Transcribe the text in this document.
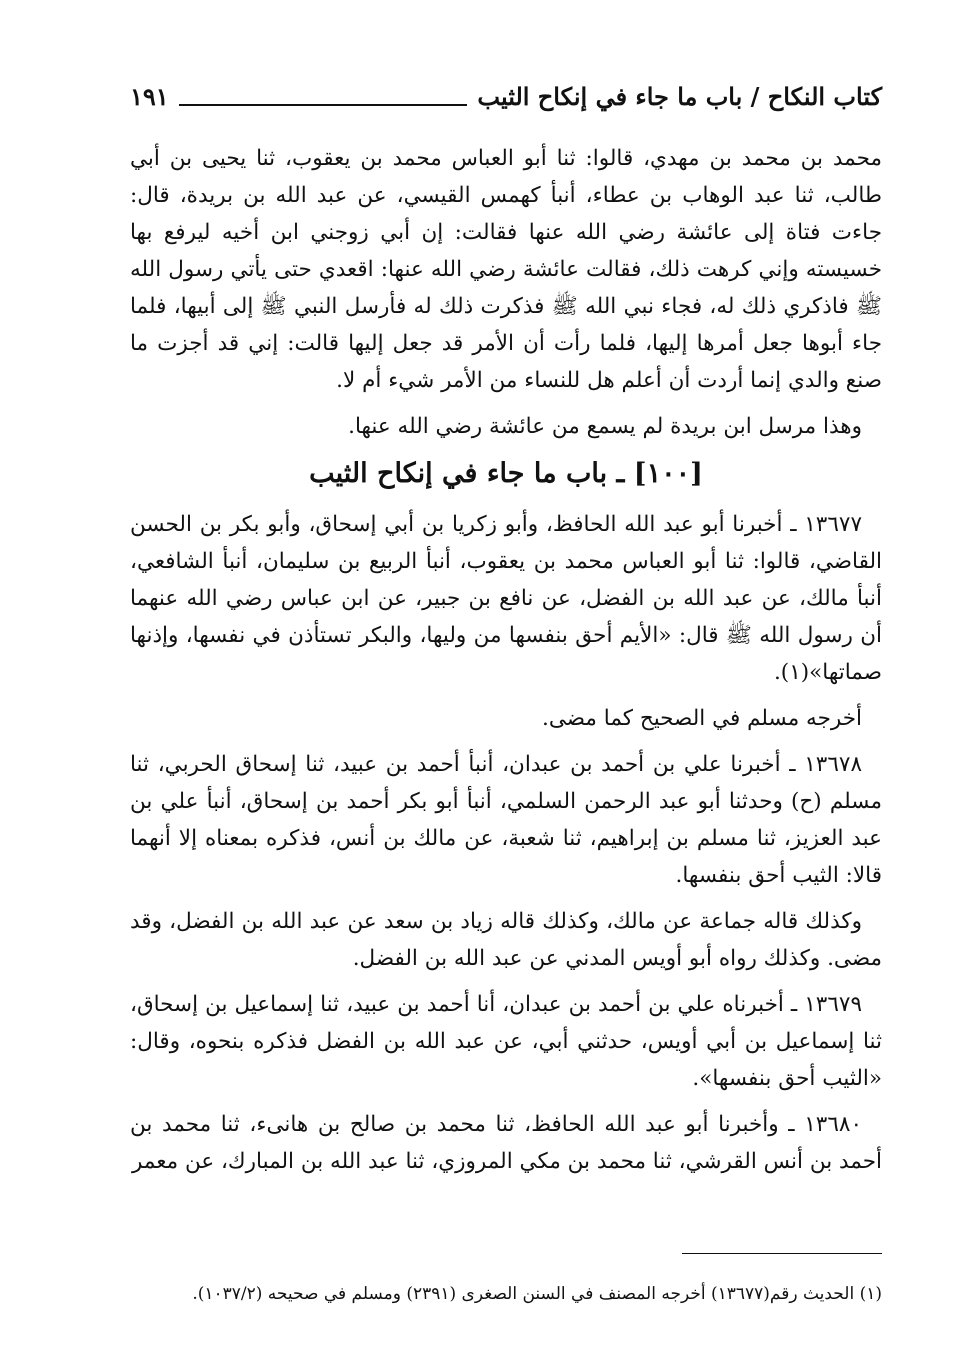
كتاب النكاح / باب ما جاء في إنكاح الثيب
١٩١

محمد بن محمد بن مهدي، قالوا: ثنا أبو العباس محمد بن يعقوب، ثنا يحيى بن أبي طالب، ثنا عبد الوهاب بن عطاء، أنبأ كهمس القيسي، عن عبد الله بن بريدة، قال: جاءت فتاة إلى عائشة رضي الله عنها فقالت: إن أبي زوجني ابن أخيه ليرفع بها خسيسته وإني كرهت ذلك، فقالت عائشة رضي الله عنها: اقعدي حتى يأتي رسول الله ﷺ فاذكري ذلك له، فجاء نبي الله ﷺ فذكرت ذلك له فأرسل النبي ﷺ إلى أبيها، فلما جاء أبوها جعل أمرها إليها، فلما رأت أن الأمر قد جعل إليها قالت: إني قد أجزت ما صنع والدي إنما أردت أن أعلم هل للنساء من الأمر شيء أم لا.

وهذا مرسل ابن بريدة لم يسمع من عائشة رضي الله عنها.

[١٠٠] ـ باب ما جاء في إنكاح الثيب

١٣٦٧٧ ـ أخبرنا أبو عبد الله الحافظ، وأبو زكريا بن أبي إسحاق، وأبو بكر بن الحسن القاضي، قالوا: ثنا أبو العباس محمد بن يعقوب، أنبأ الربيع بن سليمان، أنبأ الشافعي، أنبأ مالك، عن عبد الله بن الفضل، عن نافع بن جبير، عن ابن عباس رضي الله عنهما أن رسول الله ﷺ قال: «الأيم أحق بنفسها من وليها، والبكر تستأذن في نفسها، وإذنها صماتها»(١).

أخرجه مسلم في الصحيح كما مضى.

١٣٦٧٨ ـ أخبرنا علي بن أحمد بن عبدان، أنبأ أحمد بن عبيد، ثنا إسحاق الحربي، ثنا مسلم (ح) وحدثنا أبو عبد الرحمن السلمي، أنبأ أبو بكر أحمد بن إسحاق، أنبأ علي بن عبد العزيز، ثنا مسلم بن إبراهيم، ثنا شعبة، عن مالك بن أنس، فذكره بمعناه إلا أنهما قالا: الثيب أحق بنفسها.

وكذلك قاله جماعة عن مالك، وكذلك قاله زياد بن سعد عن عبد الله بن الفضل، وقد مضى. وكذلك رواه أبو أويس المدني عن عبد الله بن الفضل.

١٣٦٧٩ ـ أخبرناه علي بن أحمد بن عبدان، أنا أحمد بن عبيد، ثنا إسماعيل بن إسحاق، ثنا إسماعيل بن أبي أويس، حدثني أبي، عن عبد الله بن الفضل فذكره بنحوه، وقال: «الثيب أحق بنفسها».

١٣٦٨٠ ـ وأخبرنا أبو عبد الله الحافظ، ثنا محمد بن صالح بن هانىء، ثنا محمد بن أحمد بن أنس القرشي، ثنا محمد بن مكي المروزي، ثنا عبد الله بن المبارك، عن معمر

(١) الحديث رقم(١٣٦٧٧) أخرجه المصنف في السنن الصغرى (٢٣٩١) ومسلم في صحيحه (١٠٣٧/٢).
